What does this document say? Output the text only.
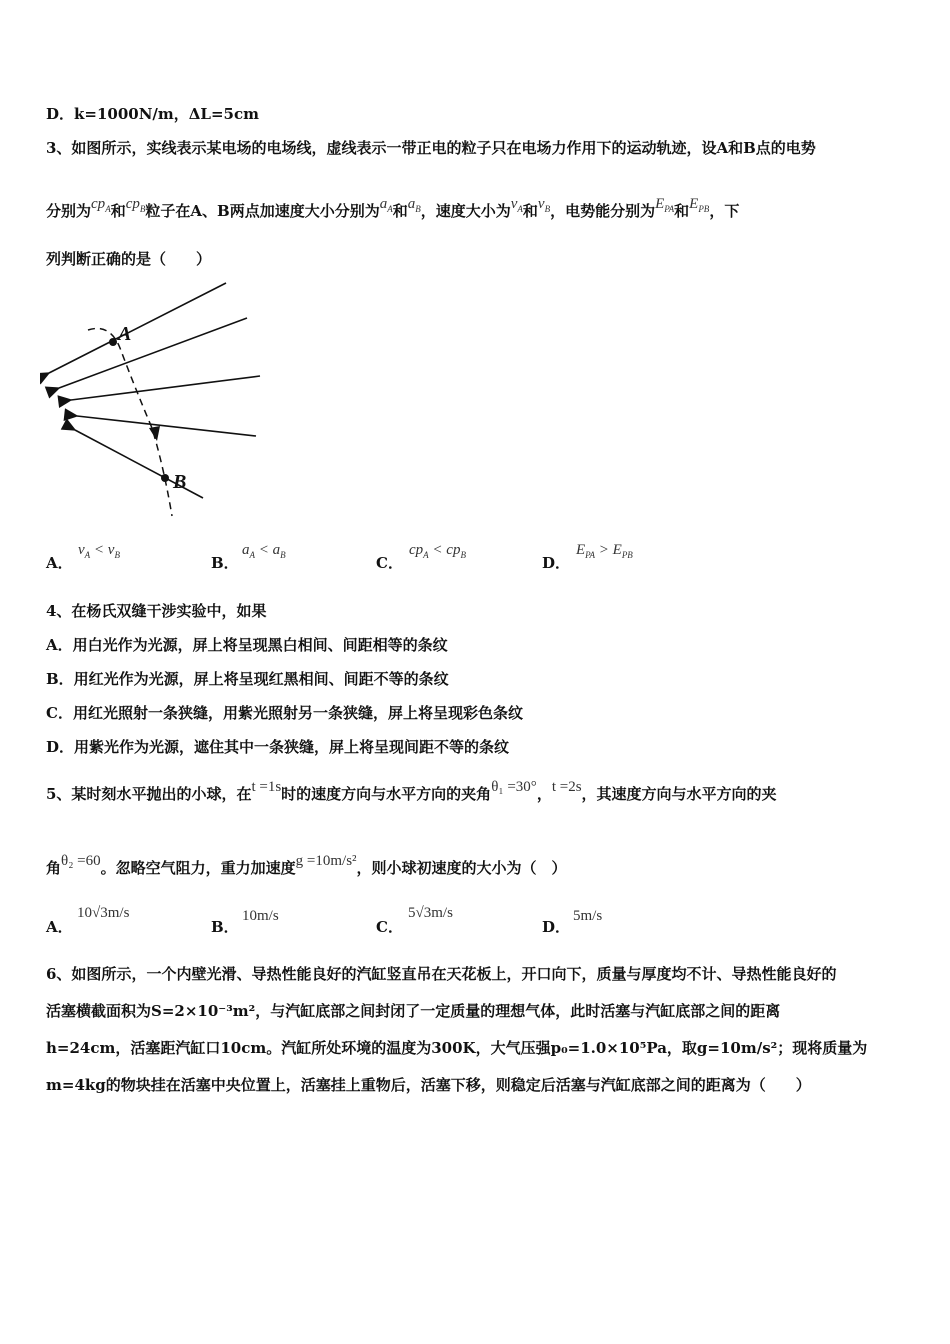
D．k=1000N/m，ΔL=5cm
3、如图所示，实线表示某电场的电场线，虚线表示一带正电的粒子只在电场力作用下的运动轨迹，设A和B点的电势
分别为$cp_A$和$cp_B$粒子在A、B两点加速度大小分别为$a_A$和$a_B$，速度大小为$v_A$和$v_B$，电势能分别为$E_{PA}$和$E_{PB}$，下
列判断正确的是（　　）
A
B
A．
$v_A < v_B$	B．
$a_A < a_B$	C．
$cp_A < cp_B$	D．
$E_{PA} > E_{PB}$
4、在杨氏双缝干涉实验中，如果
A．用白光作为光源，屏上将呈现黑白相间、间距相等的条纹
B．用红光作为光源，屏上将呈现红黑相间、间距不等的条纹
C．用红光照射一条狭缝，用紫光照射另一条狭缝，屏上将呈现彩色条纹
D．用紫光作为光源，遮住其中一条狭缝，屏上将呈现间距不等的条纹
5、某时刻水平抛出的小球，在t =1s时的速度方向与水平方向的夹角θ₁ =30°，t =2s，其速度方向与水平方向的夹
角θ₂ =60。忽略空气阻力，重力加速度g =10m/s²，则小球初速度的大小为（　）
A．
10√3m/s
B．
10m/s
C．
5√3m/s
D．
5m/s
6、如图所示，一个内壁光滑、导热性能良好的汽缸竖直吊在天花板上，开口向下，质量与厚度均不计、导热性能良好的
活塞横截面积为S=2×10⁻³m²，与汽缸底部之间封闭了一定质量的理想气体，此时活塞与汽缸底部之间的距离
h=24cm，活塞距汽缸口10cm。汽缸所处环境的温度为300K，大气压强p₀=1.0×10⁵Pa，取g=10m/s²；现将质量为
m=4kg的物块挂在活塞中央位置上，活塞挂上重物后，活塞下移，则稳定后活塞与汽缸底部之间的距离为（　　）
